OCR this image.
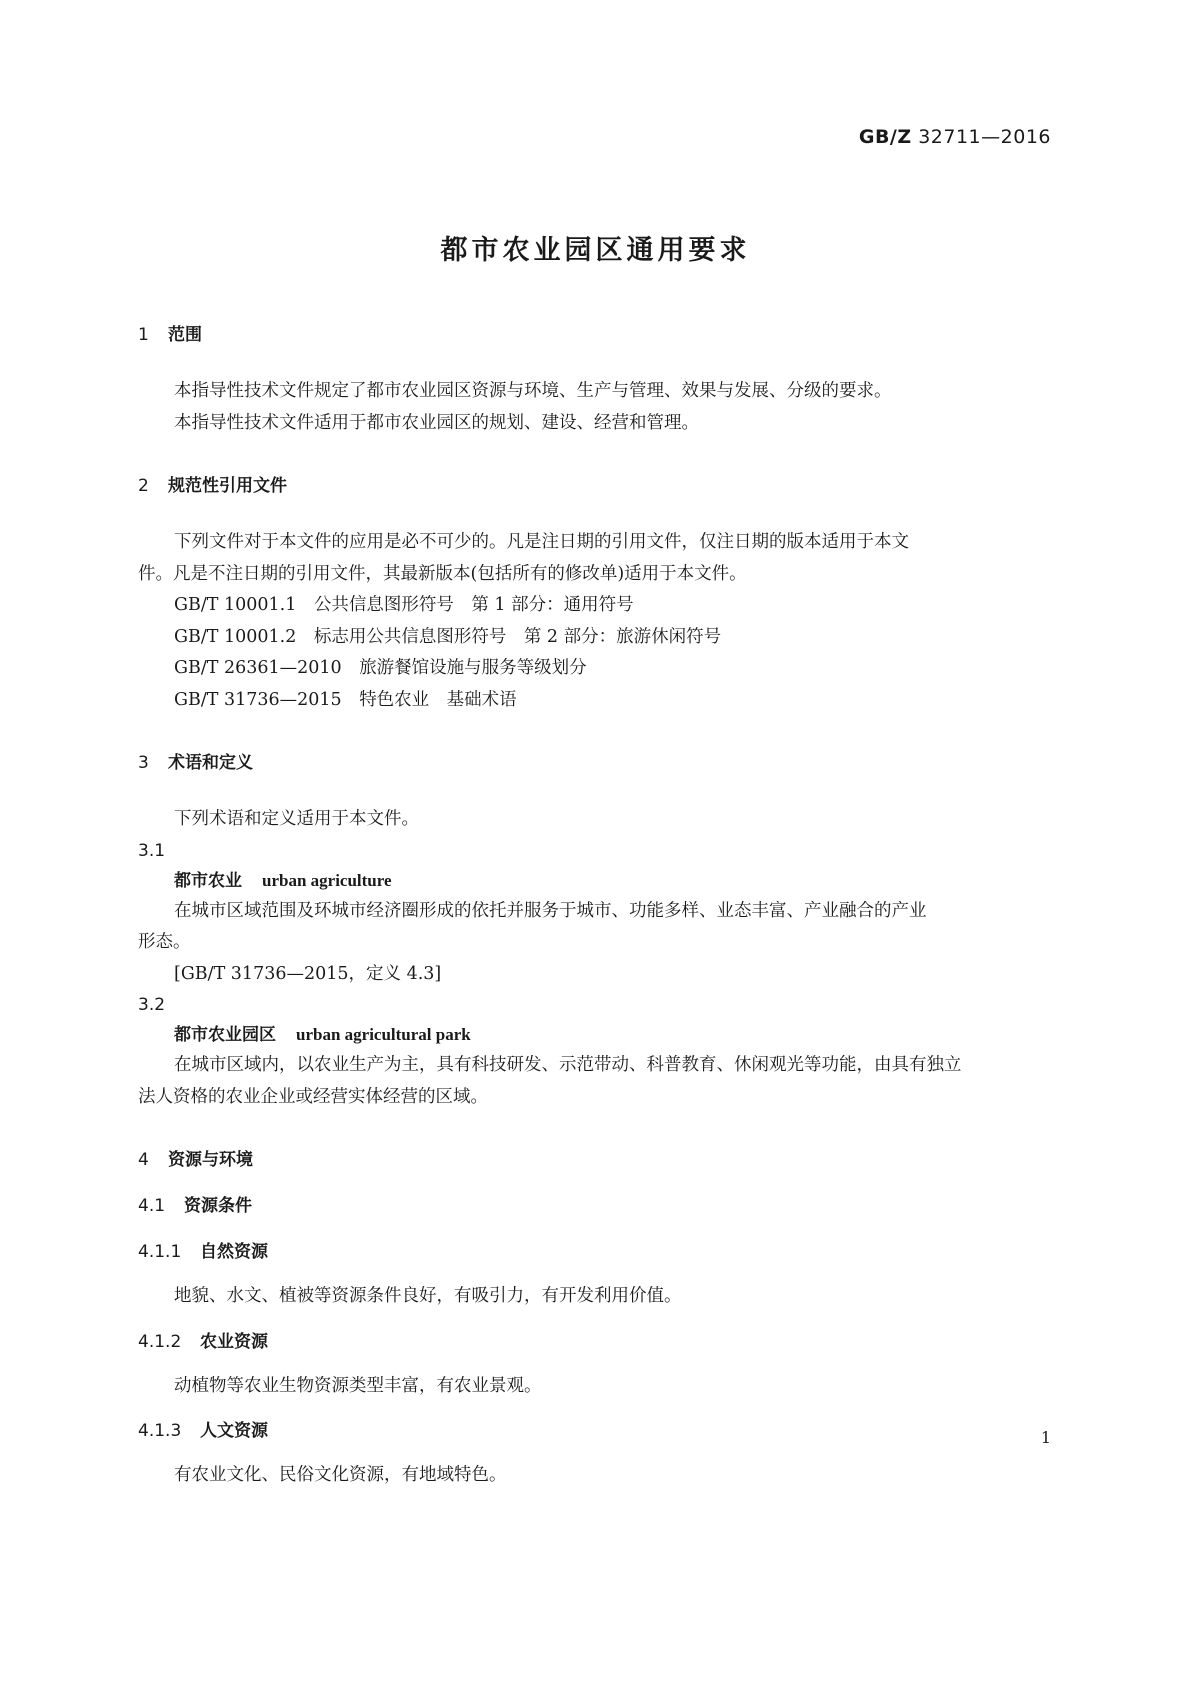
GB/Z 32711—2016
都市农业园区通用要求
1 范围

本指导性技术文件规定了都市农业园区资源与环境、生产与管理、效果与发展、分级的要求。

本指导性技术文件适用于都市农业园区的规划、建设、经营和管理。

2 规范性引用文件

下列文件对于本文件的应用是必不可少的。凡是注日期的引用文件，仅注日期的版本适用于本文

件。凡是不注日期的引用文件，其最新版本(包括所有的修改单)适用于本文件。

GB/T 10001.1　 公共信息图形符号　第 1 部分：通用符号

GB/T 10001.2　 标志用公共信息图形符号　第 2 部分：旅游休闲符号

GB/T 26361—2010　 旅游餐馆设施与服务等级划分

GB/T 31736—2015　 特色农业　基础术语

3 术语和定义

下列术语和定义适用于本文件。

3.1

都市农业 urban agriculture

在城市区域范围及环城市经济圈形成的依托并服务于城市、功能多样、业态丰富、产业融合的产业

形态。

[GB/T 31736—2015，定义 4.3]

3.2

都市农业园区 urban agricultural park

在城市区域内，以农业生产为主，具有科技研发、示范带动、科普教育、休闲观光等功能，由具有独立

法人资格的农业企业或经营实体经营的区域。

4 资源与环境
4.1 资源条件
4.1.1 自然资源

地貌、水文、植被等资源条件良好，有吸引力，有开发利用价值。

4.1.2 农业资源

动植物等农业生物资源类型丰富，有农业景观。

4.1.3 人文资源

有农业文化、民俗文化资源，有地域特色。

1
